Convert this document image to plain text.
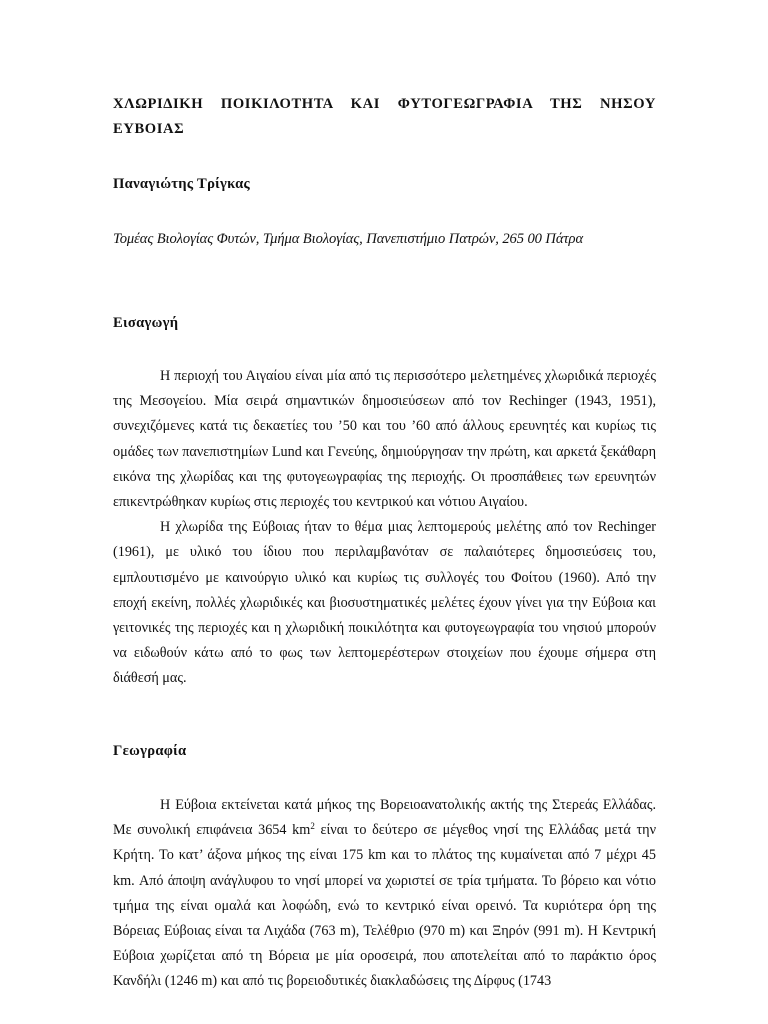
ΧΛΩΡΙΔΙΚΗ ΠΟΙΚΙΛΟΤΗΤΑ ΚΑΙ ΦΥΤΟΓΕΩΓΡΑΦΙΑ ΤΗΣ ΝΗΣΟΥ ΕΥΒΟΙΑΣ
Παναγιώτης Τρίγκας
Τομέας Βιολογίας Φυτών, Τμήμα Βιολογίας, Πανεπιστήμιο Πατρών, 265 00 Πάτρα
Εισαγωγή

Η περιοχή του Αιγαίου είναι μία από τις περισσότερο μελετημένες χλωριδικά περιοχές της Μεσογείου. Μία σειρά σημαντικών δημοσιεύσεων από τον Rechinger (1943, 1951), συνεχιζόμενες κατά τις δεκαετίες του ’50 και του ’60 από άλλους ερευνητές και κυρίως τις ομάδες των πανεπιστημίων Lund και Γενεύης, δημιούργησαν την πρώτη, και αρκετά ξεκάθαρη εικόνα της χλωρίδας και της φυτογεωγραφίας της περιοχής. Οι προσπάθειες των ερευνητών επικεντρώθηκαν κυρίως στις περιοχές του κεντρικού και νότιου Αιγαίου.

Η χλωρίδα της Εύβοιας ήταν το θέμα μιας λεπτομερούς μελέτης από τον Rechinger (1961), με υλικό του ίδιου που περιλαμβανόταν σε παλαιότερες δημοσιεύσεις του, εμπλουτισμένο με καινούργιο υλικό και κυρίως τις συλλογές του Φοίτου (1960). Από την εποχή εκείνη, πολλές χλωριδικές και βιοσυστηματικές μελέτες έχουν γίνει για την Εύβοια και γειτονικές της περιοχές και η χλωριδική ποικιλότητα και φυτογεωγραφία του νησιού μπορούν να ειδωθούν κάτω από το φως των λεπτομερέστερων στοιχείων που έχουμε σήμερα στη διάθεσή μας.

Γεωγραφία

Η Εύβοια εκτείνεται κατά μήκος της Βορειοανατολικής ακτής της Στερεάς Ελλάδας. Με συνολική επιφάνεια 3654 $km^2$ είναι το δεύτερο σε μέγεθος νησί της Ελλάδας μετά την Κρήτη. Το κατ’ άξονα μήκος της είναι 175 km και το πλάτος της κυμαίνεται από 7 μέχρι 45 km. Από άποψη ανάγλυφου το νησί μπορεί να χωριστεί σε τρία τμήματα. Το βόρειο και νότιο τμήμα της είναι ομαλά και λοφώδη, ενώ το κεντρικό είναι ορεινό. Τα κυριότερα όρη της Βόρειας Εύβοιας είναι τα Λιχάδα (763 m), Τελέθριο (970 m) και Ξηρόν (991 m). Η Κεντρική Εύβοια χωρίζεται από τη Βόρεια με μία οροσειρά, που αποτελείται από το παράκτιο όρος Κανδήλι (1246 m) και από τις βορειοδυτικές διακλαδώσεις της Δίρφυς (1743
